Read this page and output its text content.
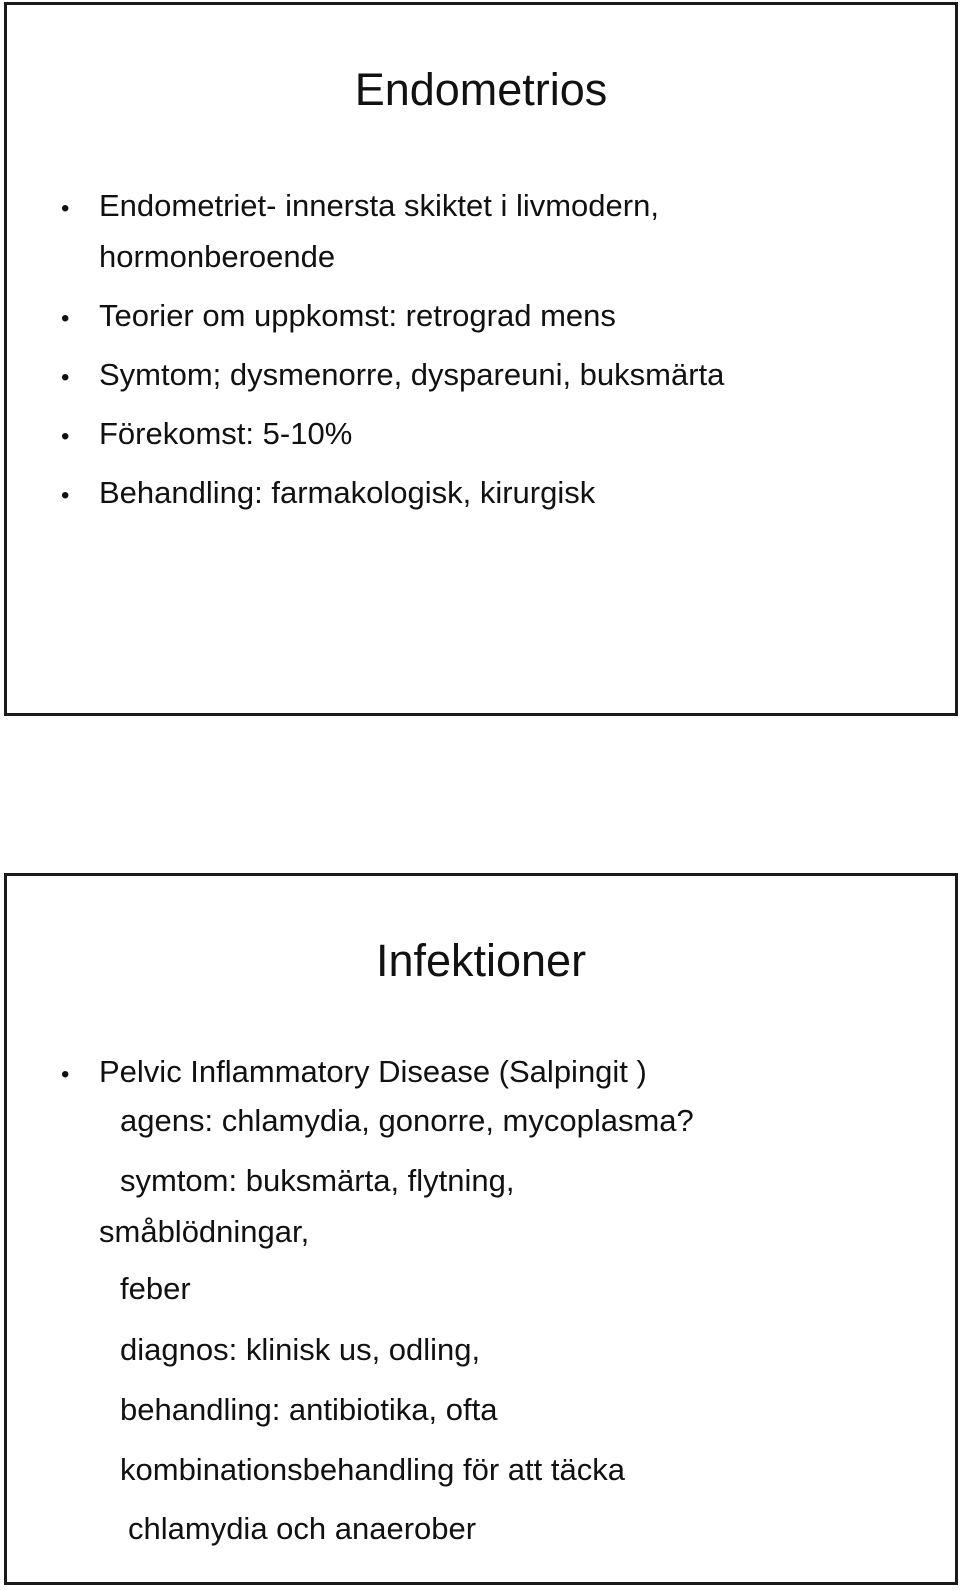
Endometrios
•
Endometriet- innersta skiktet i livmodern, hormonberoende
•
Teorier om uppkomst: retrograd mens
•
Symtom; dysmenorre, dyspareuni, buksmärta
•
Förekomst: 5-10%
•
Behandling: farmakologisk, kirurgisk
Infektioner
•
Pelvic Inflammatory Disease (Salpingit )
agens: chlamydia, gonorre, mycoplasma?
symtom: buksmärta, flytning,
småblödningar,
feber
diagnos: klinisk us, odling,
behandling: antibiotika, ofta
kombinationsbehandling för att täcka
chlamydia och anaerober
